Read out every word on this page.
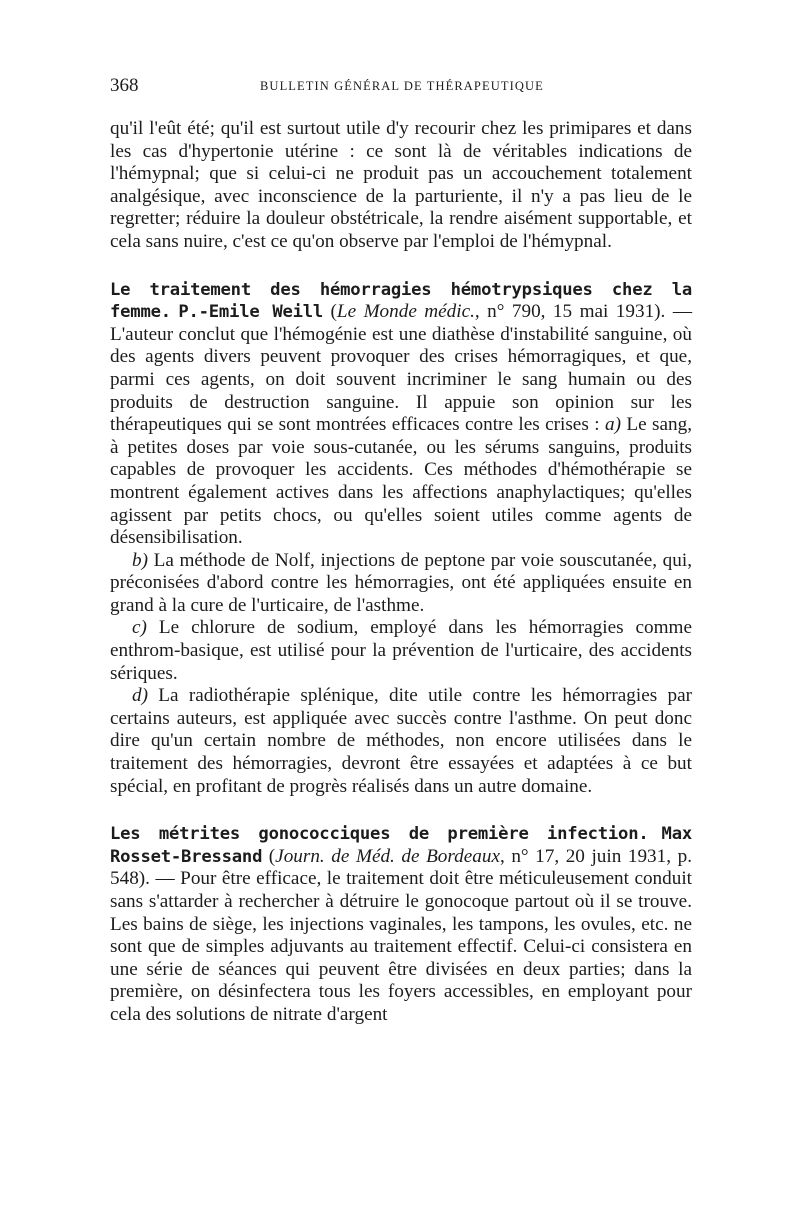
368	BULLETIN GÉNÉRAL DE THÉRAPEUTIQUE

qu'il l'eût été; qu'il est surtout utile d'y recourir chez les primipares et dans les cas d'hypertonie utérine : ce sont là de véritables indications de l'hémypnal; que si celui-ci ne produit pas un accouchement totalement analgésique, avec inconscience de la parturiente, il n'y a pas lieu de le regretter; réduire la douleur obstétricale, la rendre aisément supportable, et cela sans nuire, c'est ce qu'on observe par l'emploi de l'hémypnal.

Le traitement des hémorragies hémotrypsiques chez la femme. P.-Emile Weill (Le Monde médic., n° 790, 15 mai 1931). — L'auteur conclut que l'hémogénie est une diathèse d'instabilité sanguine, où des agents divers peuvent provoquer des crises hémorragiques, et que, parmi ces agents, on doit souvent incriminer le sang humain ou des produits de destruction sanguine. Il appuie son opinion sur les thérapeutiques qui se sont montrées efficaces contre les crises : a) Le sang, à petites doses par voie sous-cutanée, ou les sérums sanguins, produits capables de provoquer les accidents. Ces méthodes d'hémothérapie se montrent également actives dans les affections anaphylactiques; qu'elles agissent par petits chocs, ou qu'elles soient utiles comme agents de désensibilisation.

b) La méthode de Nolf, injections de peptone par voie souscutanée, qui, préconisées d'abord contre les hémorragies, ont été appliquées ensuite en grand à la cure de l'urticaire, de l'asthme.

c) Le chlorure de sodium, employé dans les hémorragies comme enthrom-basique, est utilisé pour la prévention de l'urticaire, des accidents sériques.

d) La radiothérapie splénique, dite utile contre les hémorragies par certains auteurs, est appliquée avec succès contre l'asthme. On peut donc dire qu'un certain nombre de méthodes, non encore utilisées dans le traitement des hémorragies, devront être essayées et adaptées à ce but spécial, en profitant de progrès réalisés dans un autre domaine.

Les métrites gonococciques de première infection. Max Rosset-Bressand (Journ. de Méd. de Bordeaux, n° 17, 20 juin 1931, p. 548). — Pour être efficace, le traitement doit être méticuleusement conduit sans s'attarder à rechercher à détruire le gonocoque partout où il se trouve. Les bains de siège, les injections vaginales, les tampons, les ovules, etc. ne sont que de simples adjuvants au traitement effectif. Celui-ci consistera en une série de séances qui peuvent être divisées en deux parties; dans la première, on désinfectera tous les foyers accessibles, en employant pour cela des solutions de nitrate d'argent
